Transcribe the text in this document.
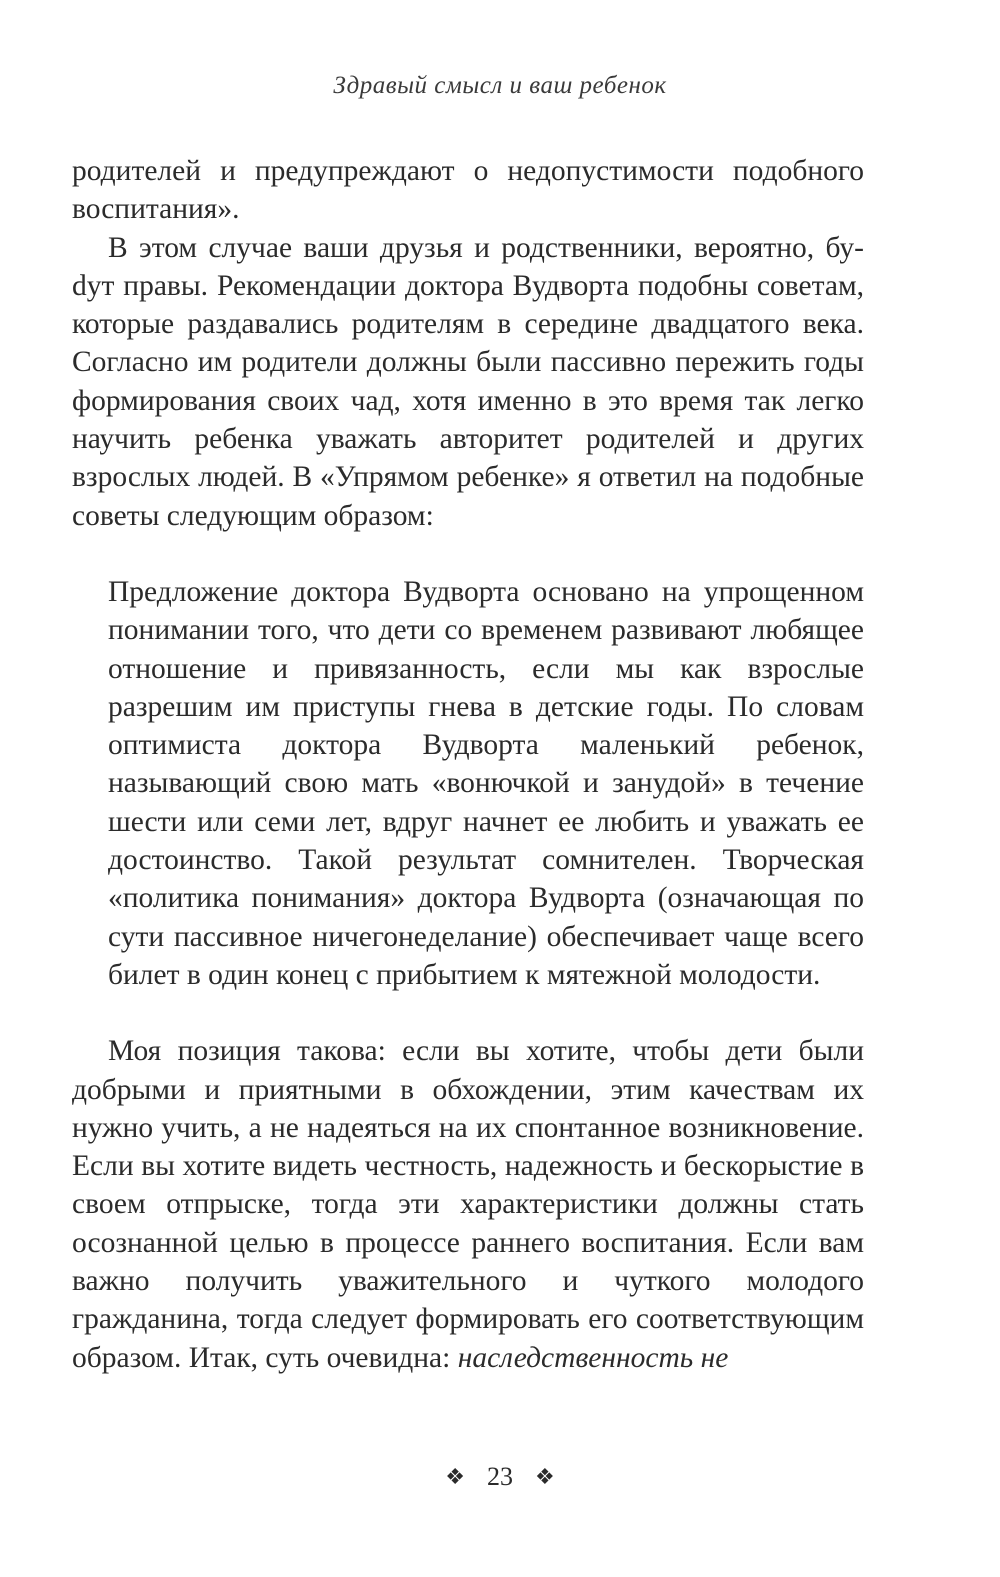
Здравый смысл и ваш ребенок

родителей и предупреждают о недопустимости подобного воспитания».

В этом случае ваши друзья и родственники, вероятно, буdут правы. Рекомендации доктора Вудворта подобны советам, которые раздавались родителям в середине двадцатого века. Согласно им родители должны были пассивно пережить годы формирования своих чад, хотя именно в это время так легко научить ребенка уважать авторитет родителей и других взрослых людей. В «Упрямом ребенке» я ответил на подобные советы следующим образом:

Предложение доктора Вудворта основано на упрощенном понимании того, что дети со временем развивают любящее отношение и привязанность, если мы как взрослые разрешим им приступы гнева в детские годы. По словам оптимиста доктора Вудворта маленький ребенок, называющий свою мать «вонючкой и занудой» в течение шести или семи лет, вдруг начнет ее любить и уважать ее достоинство. Такой результат сомнителен. Творческая «политика понимания» доктора Вудворта (означающая по сути пассивное ничегонеделание) обеспечивает чаще всего билет в один конец с прибытием к мятежной молодости.

Моя позиция такова: если вы хотите, чтобы дети были добрыми и приятными в обхождении, этим качествам их нужно учить, а не надеяться на их спонтанное возникновение. Если вы хотите видеть честность, надежность и бескорыстие в своем отпрыске, тогда эти характеристики должны стать осознанной целью в процессе раннего воспитания. Если вам важно получить уважительного и чуткого молодого гражданина, тогда следует формировать его соответствующим образом. Итак, суть очевидна: наследственность не

❖ 23 ❖
